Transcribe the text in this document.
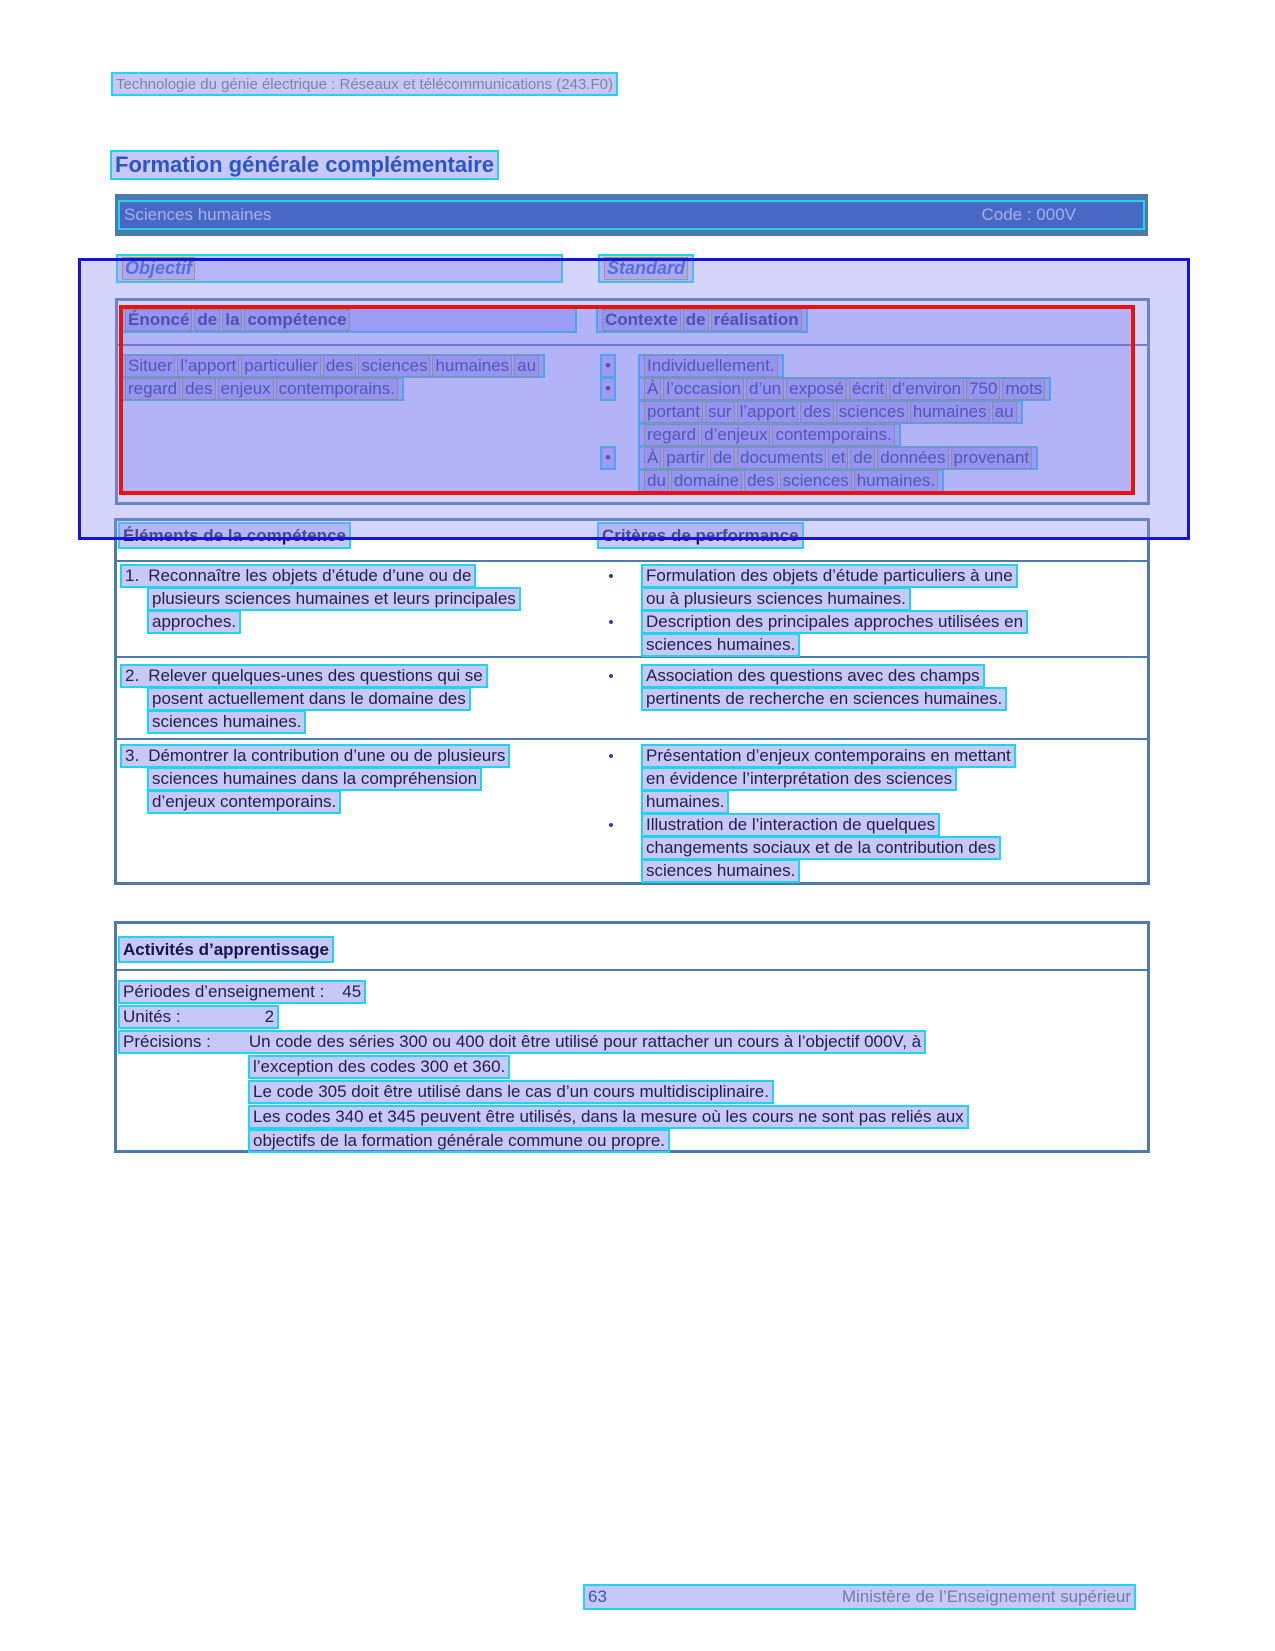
Technologie du génie électrique : Réseaux et télécommunications (243.F0)
Formation générale complémentaire
Sciences humaines	Code : 000V
Objectif	Standard
Énoncé de la compétence	Contexte de réalisation
Situer l’apport particulier des sciences humaines au
regard des enjeux contemporains.
• Individuellement.
• À l’occasion d’un exposé écrit d’environ 750 mots
portant sur l’apport des sciences humaines au
regard d’enjeux contemporains.
• À partir de documents et de données provenant
du domaine des sciences humaines.
Éléments de la compétence	Critères de performance
1. Reconnaître les objets d’étude d’une ou de
plusieurs sciences humaines et leurs principales
approches.
• Formulation des objets d’étude particuliers à une
ou à plusieurs sciences humaines.
• Description des principales approches utilisées en
sciences humaines.
2. Relever quelques-unes des questions qui se
posent actuellement dans le domaine des
sciences humaines.
• Association des questions avec des champs
pertinents de recherche en sciences humaines.
3. Démontrer la contribution d’une ou de plusieurs
sciences humaines dans la compréhension
d’enjeux contemporains.
• Présentation d’enjeux contemporains en mettant
en évidence l’interprétation des sciences
humaines.
• Illustration de l’interaction de quelques
changements sociaux et de la contribution des
sciences humaines.
Activités d’apprentissage
Périodes d’enseignement : 45
Unités :	2
Précisions : Un code des séries 300 ou 400 doit être utilisé pour rattacher un cours à l’objectif 000V, à
l’exception des codes 300 et 360.
Le code 305 doit être utilisé dans le cas d’un cours multidisciplinaire.
Les codes 340 et 345 peuvent être utilisés, dans la mesure où les cours ne sont pas reliés aux
objectifs de la formation générale commune ou propre.
63	Ministère de l’Enseignement supérieur
